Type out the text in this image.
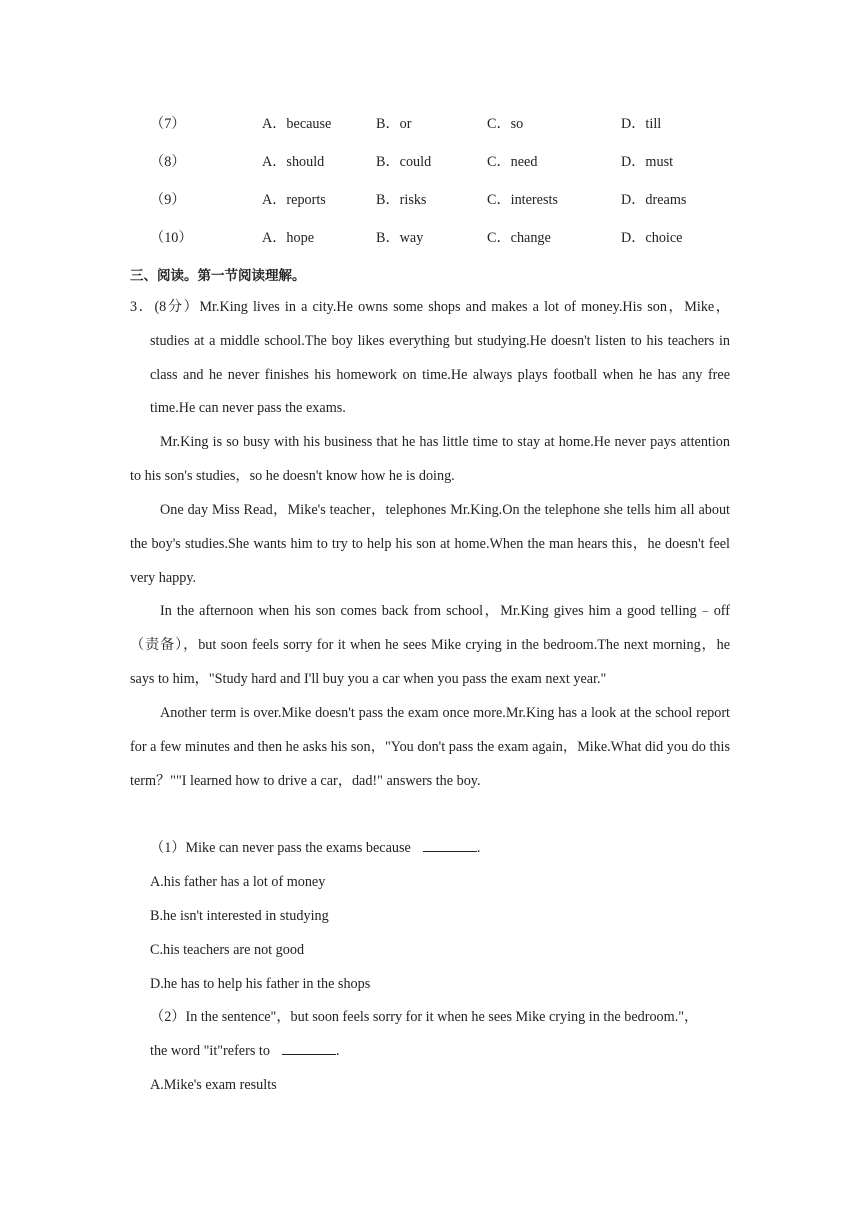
（7）	A．because	B．or	C．so	D．till
（8）	A．should	B．could	C．need	D．must
（9）	A．reports	B．risks	C．interests	D．dreams
（10）	A．hope	B．way	C．change	D．choice
三、阅读。第一节阅读理解。
3．(8分）Mr.King lives in a city.He owns some shops and makes a lot of money.His son，Mike，studies at a middle school.The boy likes everything but studying.He doesn't listen to his teachers in class and he never finishes his homework on time.He always plays football when he has any free time.He can never pass the exams.
Mr.King is so busy with his business that he has little time to stay at home.He never pays attention to his son's studies，so he doesn't know how he is doing.
One day Miss Read，Mike's teacher，telephones Mr.King.On the telephone she tells him all about the boy's studies.She wants him to try to help his son at home.When the man hears this，he doesn't feel very happy.
In the afternoon when his son comes back from school，Mr.King gives him a good telling﹣off（责备），but soon feels sorry for it when he sees Mike crying in the bedroom.The next morning，he says to him，"Study hard and I'll buy you a car when you pass the exam next year."
Another term is over.Mike doesn't pass the exam once more.Mr.King has a look at the school report for a few minutes and then he asks his son，"You don't pass the exam again，Mike.What did you do this term？""I learned how to drive a car，dad!" answers the boy.
（1）Mike can never pass the exams because	.
A.his father has a lot of money
B.he isn't interested in studying
C.his teachers are not good
D.he has to help his father in the shops
（2）In the sentence"，but soon feels sorry for it when he sees Mike crying in the bedroom."，
the word "it"refers to	.
A.Mike's exam results
